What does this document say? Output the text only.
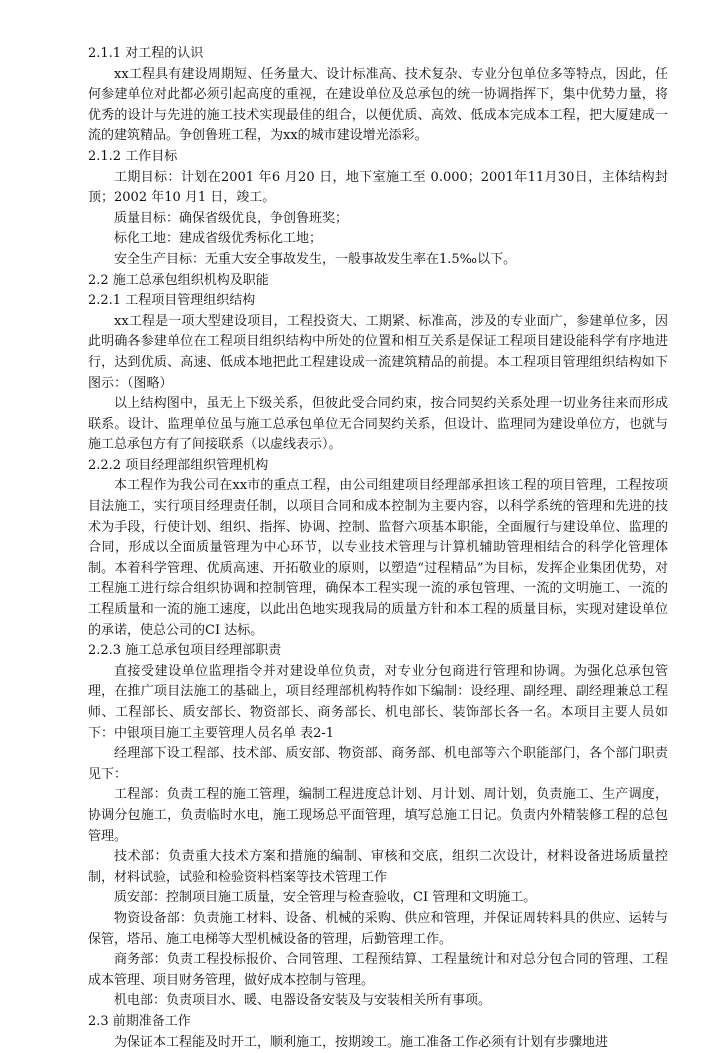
2.1.1 对工程的认识
xx工程具有建设周期短、任务量大、设计标准高、技术复杂、专业分包单位多等特点，因此，任何参建单位对此都必须引起高度的重视，在建设单位及总承包的统一协调指挥下，集中优势力量，将优秀的设计与先进的施工技术实现最佳的组合，以便优质、高效、低成本完成本工程，把大厦建成一流的建筑精品。争创鲁班工程，为xx的城市建设增光添彩。
2.1.2 工作目标
工期目标：计划在2001 年6 月20 日，地下室施工至 0.000；2001年11月30日，主体结构封顶；2002 年10 月1 日，竣工。
质量目标：确保省级优良，争创鲁班奖；
标化工地：建成省级优秀标化工地；
安全生产目标：无重大安全事故发生，一般事故发生率在1.5‰以下。
2.2 施工总承包组织机构及职能
2.2.1 工程项目管理组织结构
xx工程是一项大型建设项目，工程投资大、工期紧、标准高，涉及的专业面广，参建单位多，因此明确各参建单位在工程项目组织结构中所处的位置和相互关系是保证工程项目建设能科学有序地进行，达到优质、高速、低成本地把此工程建设成一流建筑精品的前提。本工程项目管理组织结构如下图示：（图略）
以上结构图中，虽无上下级关系，但彼此受合同约束，按合同契约关系处理一切业务往来而形成联系。设计、监理单位虽与施工总承包单位无合同契约关系，但设计、监理同为建设单位方，也就与施工总承包方有了间接联系（以虚线表示）。
2.2.2 项目经理部组织管理机构
本工程作为我公司在xx市的重点工程，由公司组建项目经理部承担该工程的项目管理，工程按项目法施工，实行项目经理责任制，以项目合同和成本控制为主要内容，以科学系统的管理和先进的技术为手段，行使计划、组织、指挥、协调、控制、监督六项基本职能，全面履行与建设单位、监理的合同，形成以全面质量管理为中心环节，以专业技术管理与计算机辅助管理相结合的科学化管理体制。本着科学管理、优质高速、开拓敬业的原则，以塑造“过程精品”为目标，发挥企业集团优势，对工程施工进行综合组织协调和控制管理，确保本工程实现一流的承包管理、一流的文明施工、一流的工程质量和一流的施工速度，以此出色地实现我局的质量方针和本工程的质量目标，实现对建设单位的承诺，使总公司的CI 达标。
2.2.3 施工总承包项目经理部职责
直接受建设单位监理指令并对建设单位负责，对专业分包商进行管理和协调。为强化总承包管理，在推广项目法施工的基础上，项目经理部机构特作如下编制：设经理、副经理、副经理兼总工程师、工程部长、质安部长、物资部长、商务部长、机电部长、装饰部长各一名。本项目主要人员如下：中银项目施工主要管理人员名单 表2-1
经理部下设工程部、技术部、质安部、物资部、商务部、机电部等六个职能部门，各个部门职责见下：
工程部：负责工程的施工管理，编制工程进度总计划、月计划、周计划，负责施工、生产调度，协调分包施工，负责临时水电，施工现场总平面管理，填写总施工日记。负责内外精装修工程的总包管理。
技术部：负责重大技术方案和措施的编制、审核和交底，组织二次设计，材料设备进场质量控制，材料试验，试验和检验资料档案等技术管理工作
质安部：控制项目施工质量，安全管理与检查验收，CI 管理和文明施工。
物资设备部：负责施工材料、设备、机械的采购、供应和管理，并保证周转料具的供应、运转与保管，塔吊、施工电梯等大型机械设备的管理，后勤管理工作。
商务部：负责工程投标报价、合同管理、工程预结算、工程量统计和对总分包合同的管理、工程成本管理、项目财务管理，做好成本控制与管理。
机电部：负责项目水、暖、电器设备安装及与安装相关所有事项。
2.3 前期准备工作
为保证本工程能及时开工，顺利施工，按期竣工。施工准备工作必须有计划有步骤地进
